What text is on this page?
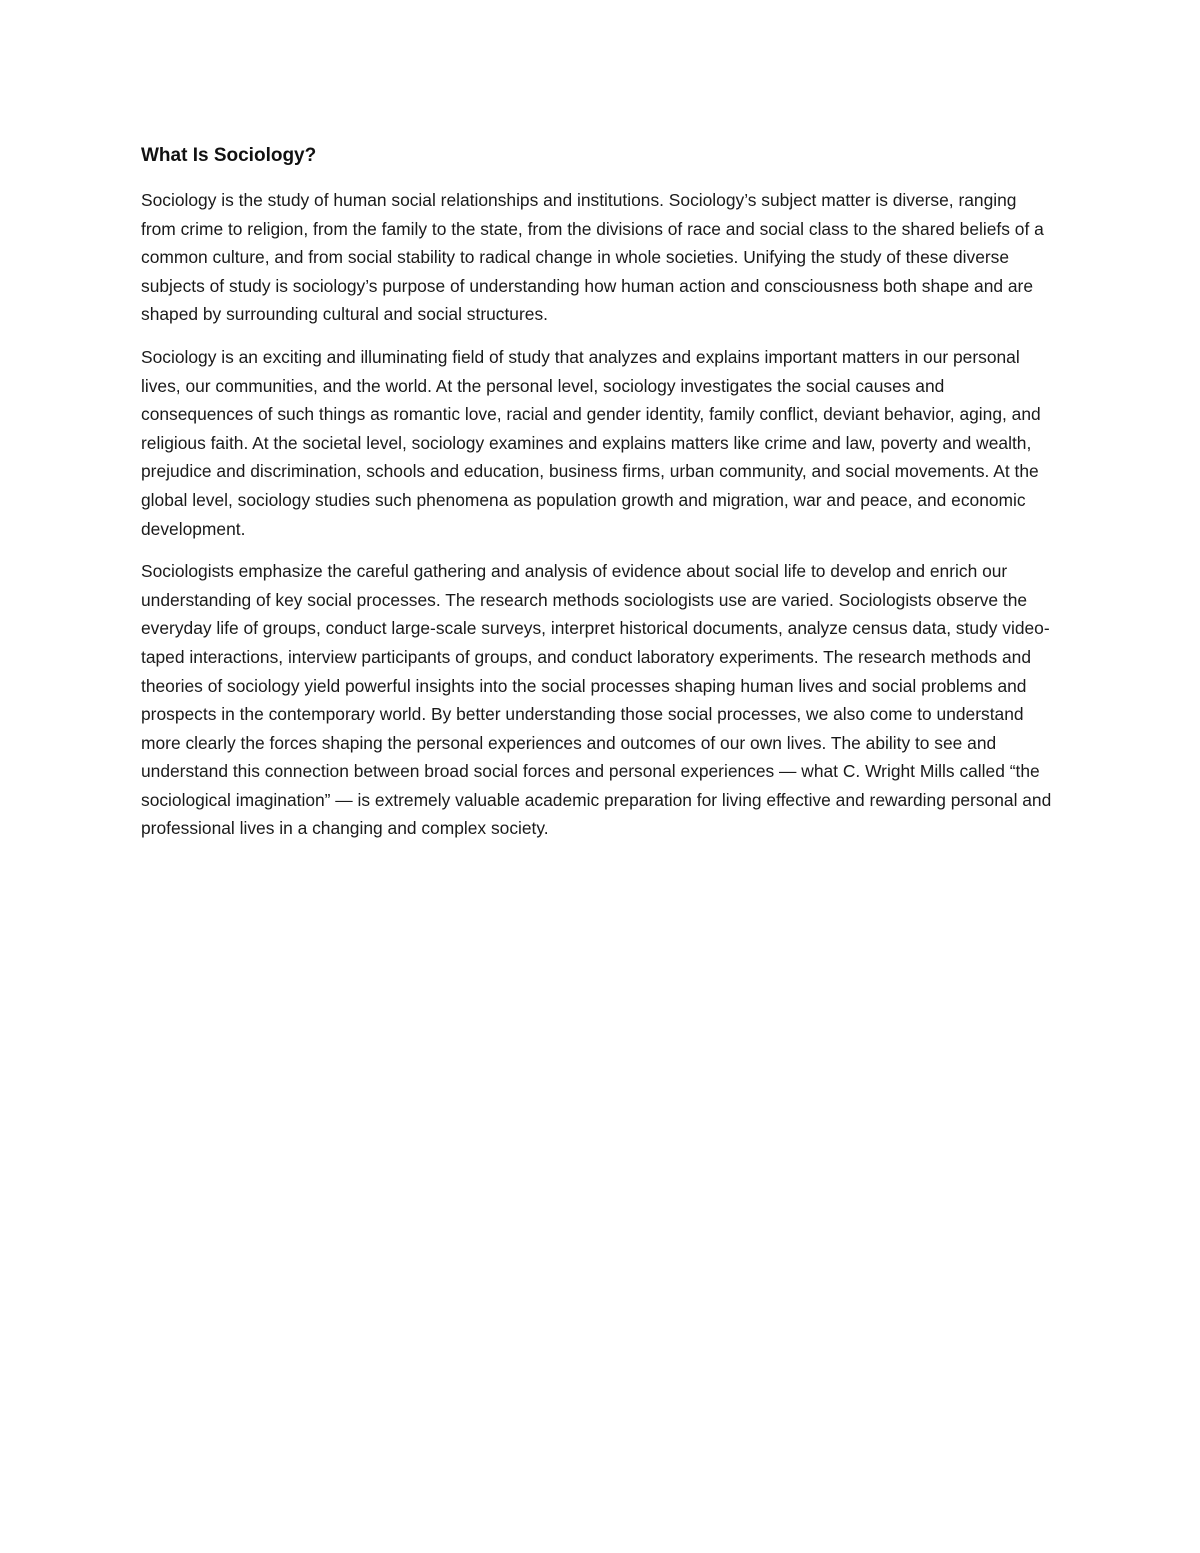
What Is Sociology?

Sociology is the study of human social relationships and institutions. Sociology’s subject matter is diverse, ranging from crime to religion, from the family to the state, from the divisions of race and social class to the shared beliefs of a common culture, and from social stability to radical change in whole societies. Unifying the study of these diverse subjects of study is sociology’s purpose of understanding how human action and consciousness both shape and are shaped by surrounding cultural and social structures.

Sociology is an exciting and illuminating field of study that analyzes and explains important matters in our personal lives, our communities, and the world. At the personal level, sociology investigates the social causes and consequences of such things as romantic love, racial and gender identity, family conflict, deviant behavior, aging, and religious faith. At the societal level, sociology examines and explains matters like crime and law, poverty and wealth, prejudice and discrimination, schools and education, business firms, urban community, and social movements. At the global level, sociology studies such phenomena as population growth and migration, war and peace, and economic development.

Sociologists emphasize the careful gathering and analysis of evidence about social life to develop and enrich our understanding of key social processes. The research methods sociologists use are varied. Sociologists observe the everyday life of groups, conduct large-scale surveys, interpret historical documents, analyze census data, study video-taped interactions, interview participants of groups, and conduct laboratory experiments. The research methods and theories of sociology yield powerful insights into the social processes shaping human lives and social problems and prospects in the contemporary world. By better understanding those social processes, we also come to understand more clearly the forces shaping the personal experiences and outcomes of our own lives. The ability to see and understand this connection between broad social forces and personal experiences — what C. Wright Mills called “the sociological imagination” — is extremely valuable academic preparation for living effective and rewarding personal and professional lives in a changing and complex society.
